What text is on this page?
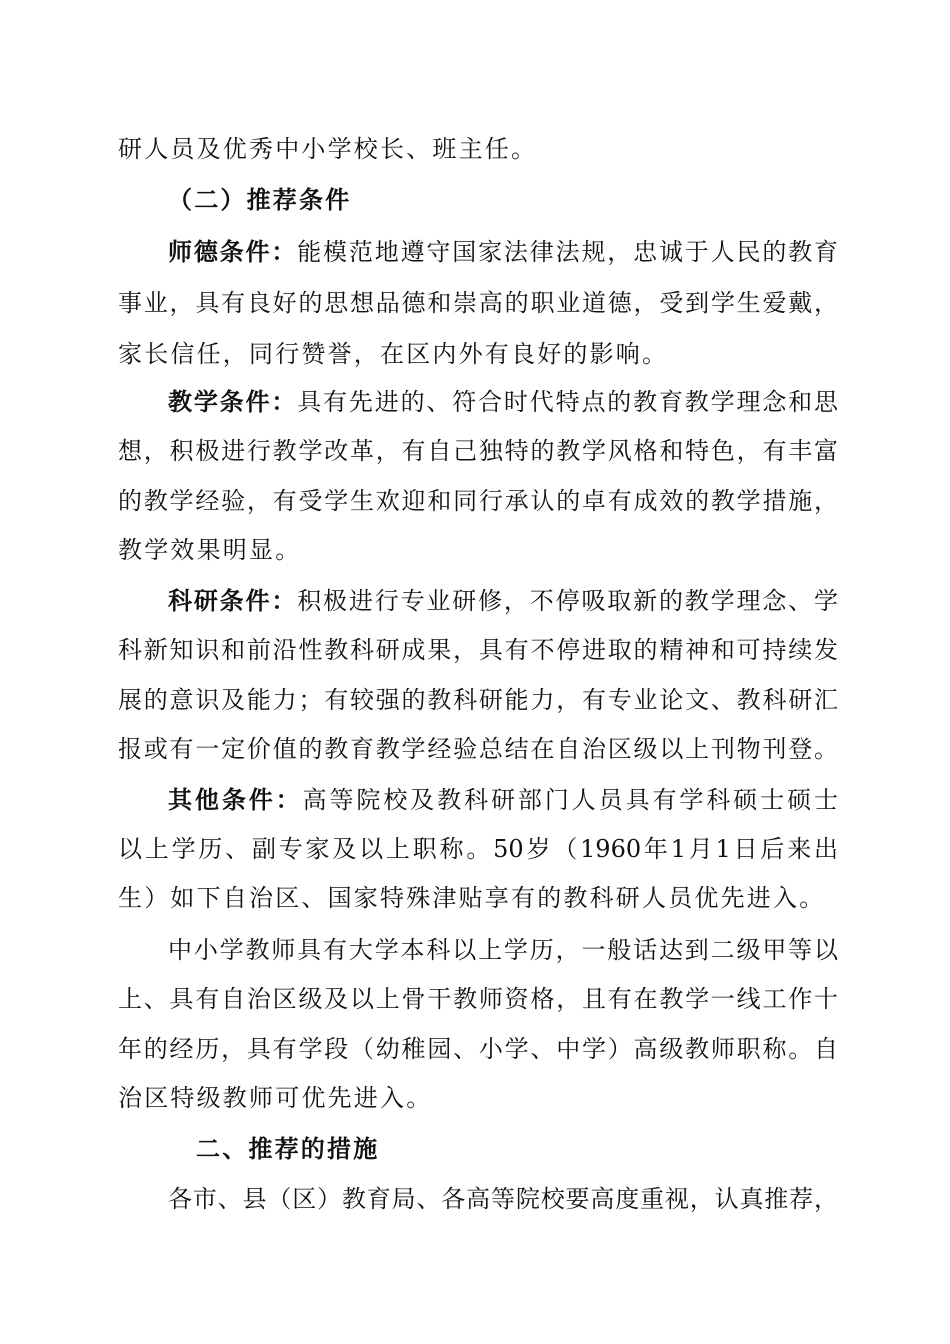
研人员及优秀中小学校长、班主任。
（二）推荐条件
师德条件：能模范地遵守国家法律法规，忠诚于人民的教育
事业，具有良好的思想品德和崇高的职业道德，受到学生爱戴，
家长信任，同行赞誉，在区内外有良好的影响。
教学条件：具有先进的、符合时代特点的教育教学理念和思
想，积极进行教学改革，有自己独特的教学风格和特色，有丰富
的教学经验，有受学生欢迎和同行承认的卓有成效的教学措施，
教学效果明显。
科研条件：积极进行专业研修，不停吸取新的教学理念、学
科新知识和前沿性教科研成果，具有不停进取的精神和可持续发
展的意识及能力；有较强的教科研能力，有专业论文、教科研汇
报或有一定价值的教育教学经验总结在自治区级以上刊物刊登。
其他条件：高等院校及教科研部门人员具有学科硕士硕士
以上学历、副专家及以上职称。50岁（1960年1月1日后来出
生）如下自治区、国家特殊津贴享有的教科研人员优先进入。
中小学教师具有大学本科以上学历，一般话达到二级甲等以
上、具有自治区级及以上骨干教师资格，且有在教学一线工作十
年的经历，具有学段（幼稚园、小学、中学）高级教师职称。自
治区特级教师可优先进入。
二、推荐的措施
各市、县（区）教育局、各高等院校要高度重视，认真推荐，
